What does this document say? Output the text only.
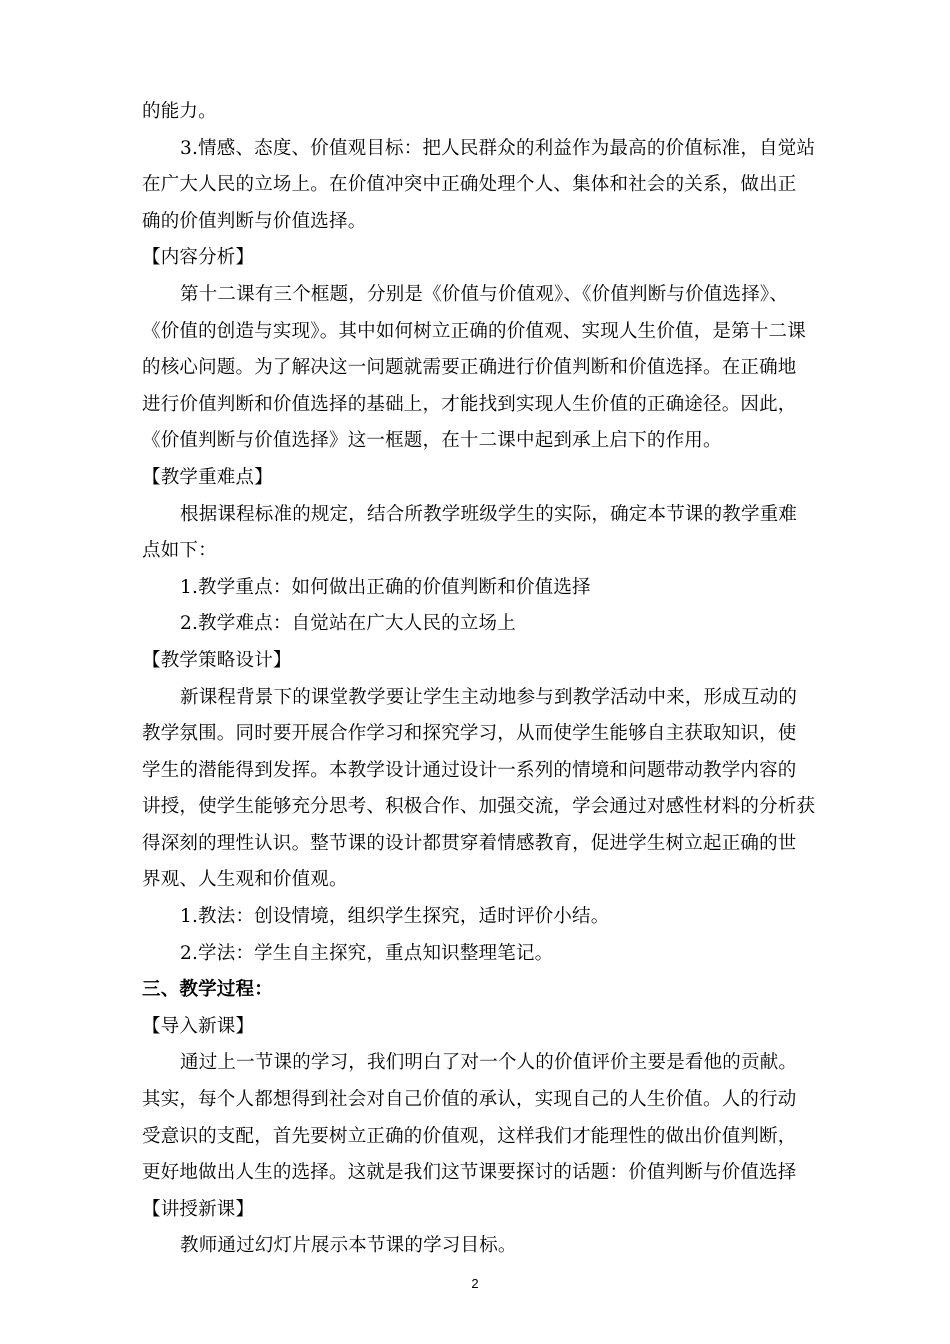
的能力。
3.情感、态度、价值观目标：把人民群众的利益作为最高的价值标准，自觉站
在广大人民的立场上。在价值冲突中正确处理个人、集体和社会的关系，做出正
确的价值判断与价值选择。
【内容分析】
第十二课有三个框题，分别是《价值与价值观》、《价值判断与价值选择》、
《价值的创造与实现》。其中如何树立正确的价值观、实现人生价值，是第十二课
的核心问题。为了解决这一问题就需要正确进行价值判断和价值选择。在正确地
进行价值判断和价值选择的基础上，才能找到实现人生价值的正确途径。因此，
《价值判断与价值选择》这一框题，在十二课中起到承上启下的作用。
【教学重难点】
根据课程标准的规定，结合所教学班级学生的实际，确定本节课的教学重难
点如下：
1.教学重点：如何做出正确的价值判断和价值选择
2.教学难点：自觉站在广大人民的立场上
【教学策略设计】
新课程背景下的课堂教学要让学生主动地参与到教学活动中来，形成互动的
教学氛围。同时要开展合作学习和探究学习，从而使学生能够自主获取知识，使
学生的潜能得到发挥。本教学设计通过设计一系列的情境和问题带动教学内容的
讲授，使学生能够充分思考、积极合作、加强交流，学会通过对感性材料的分析获
得深刻的理性认识。整节课的设计都贯穿着情感教育，促进学生树立起正确的世
界观、人生观和价值观。
1.教法：创设情境，组织学生探究，适时评价小结。
2.学法：学生自主探究，重点知识整理笔记。
三、教学过程：
【导入新课】
通过上一节课的学习，我们明白了对一个人的价值评价主要是看他的贡献。
其实，每个人都想得到社会对自己价值的承认，实现自己的人生价值。人的行动
受意识的支配，首先要树立正确的价值观，这样我们才能理性的做出价值判断，
更好地做出人生的选择。这就是我们这节课要探讨的话题：价值判断与价值选择
【讲授新课】
教师通过幻灯片展示本节课的学习目标。
2
